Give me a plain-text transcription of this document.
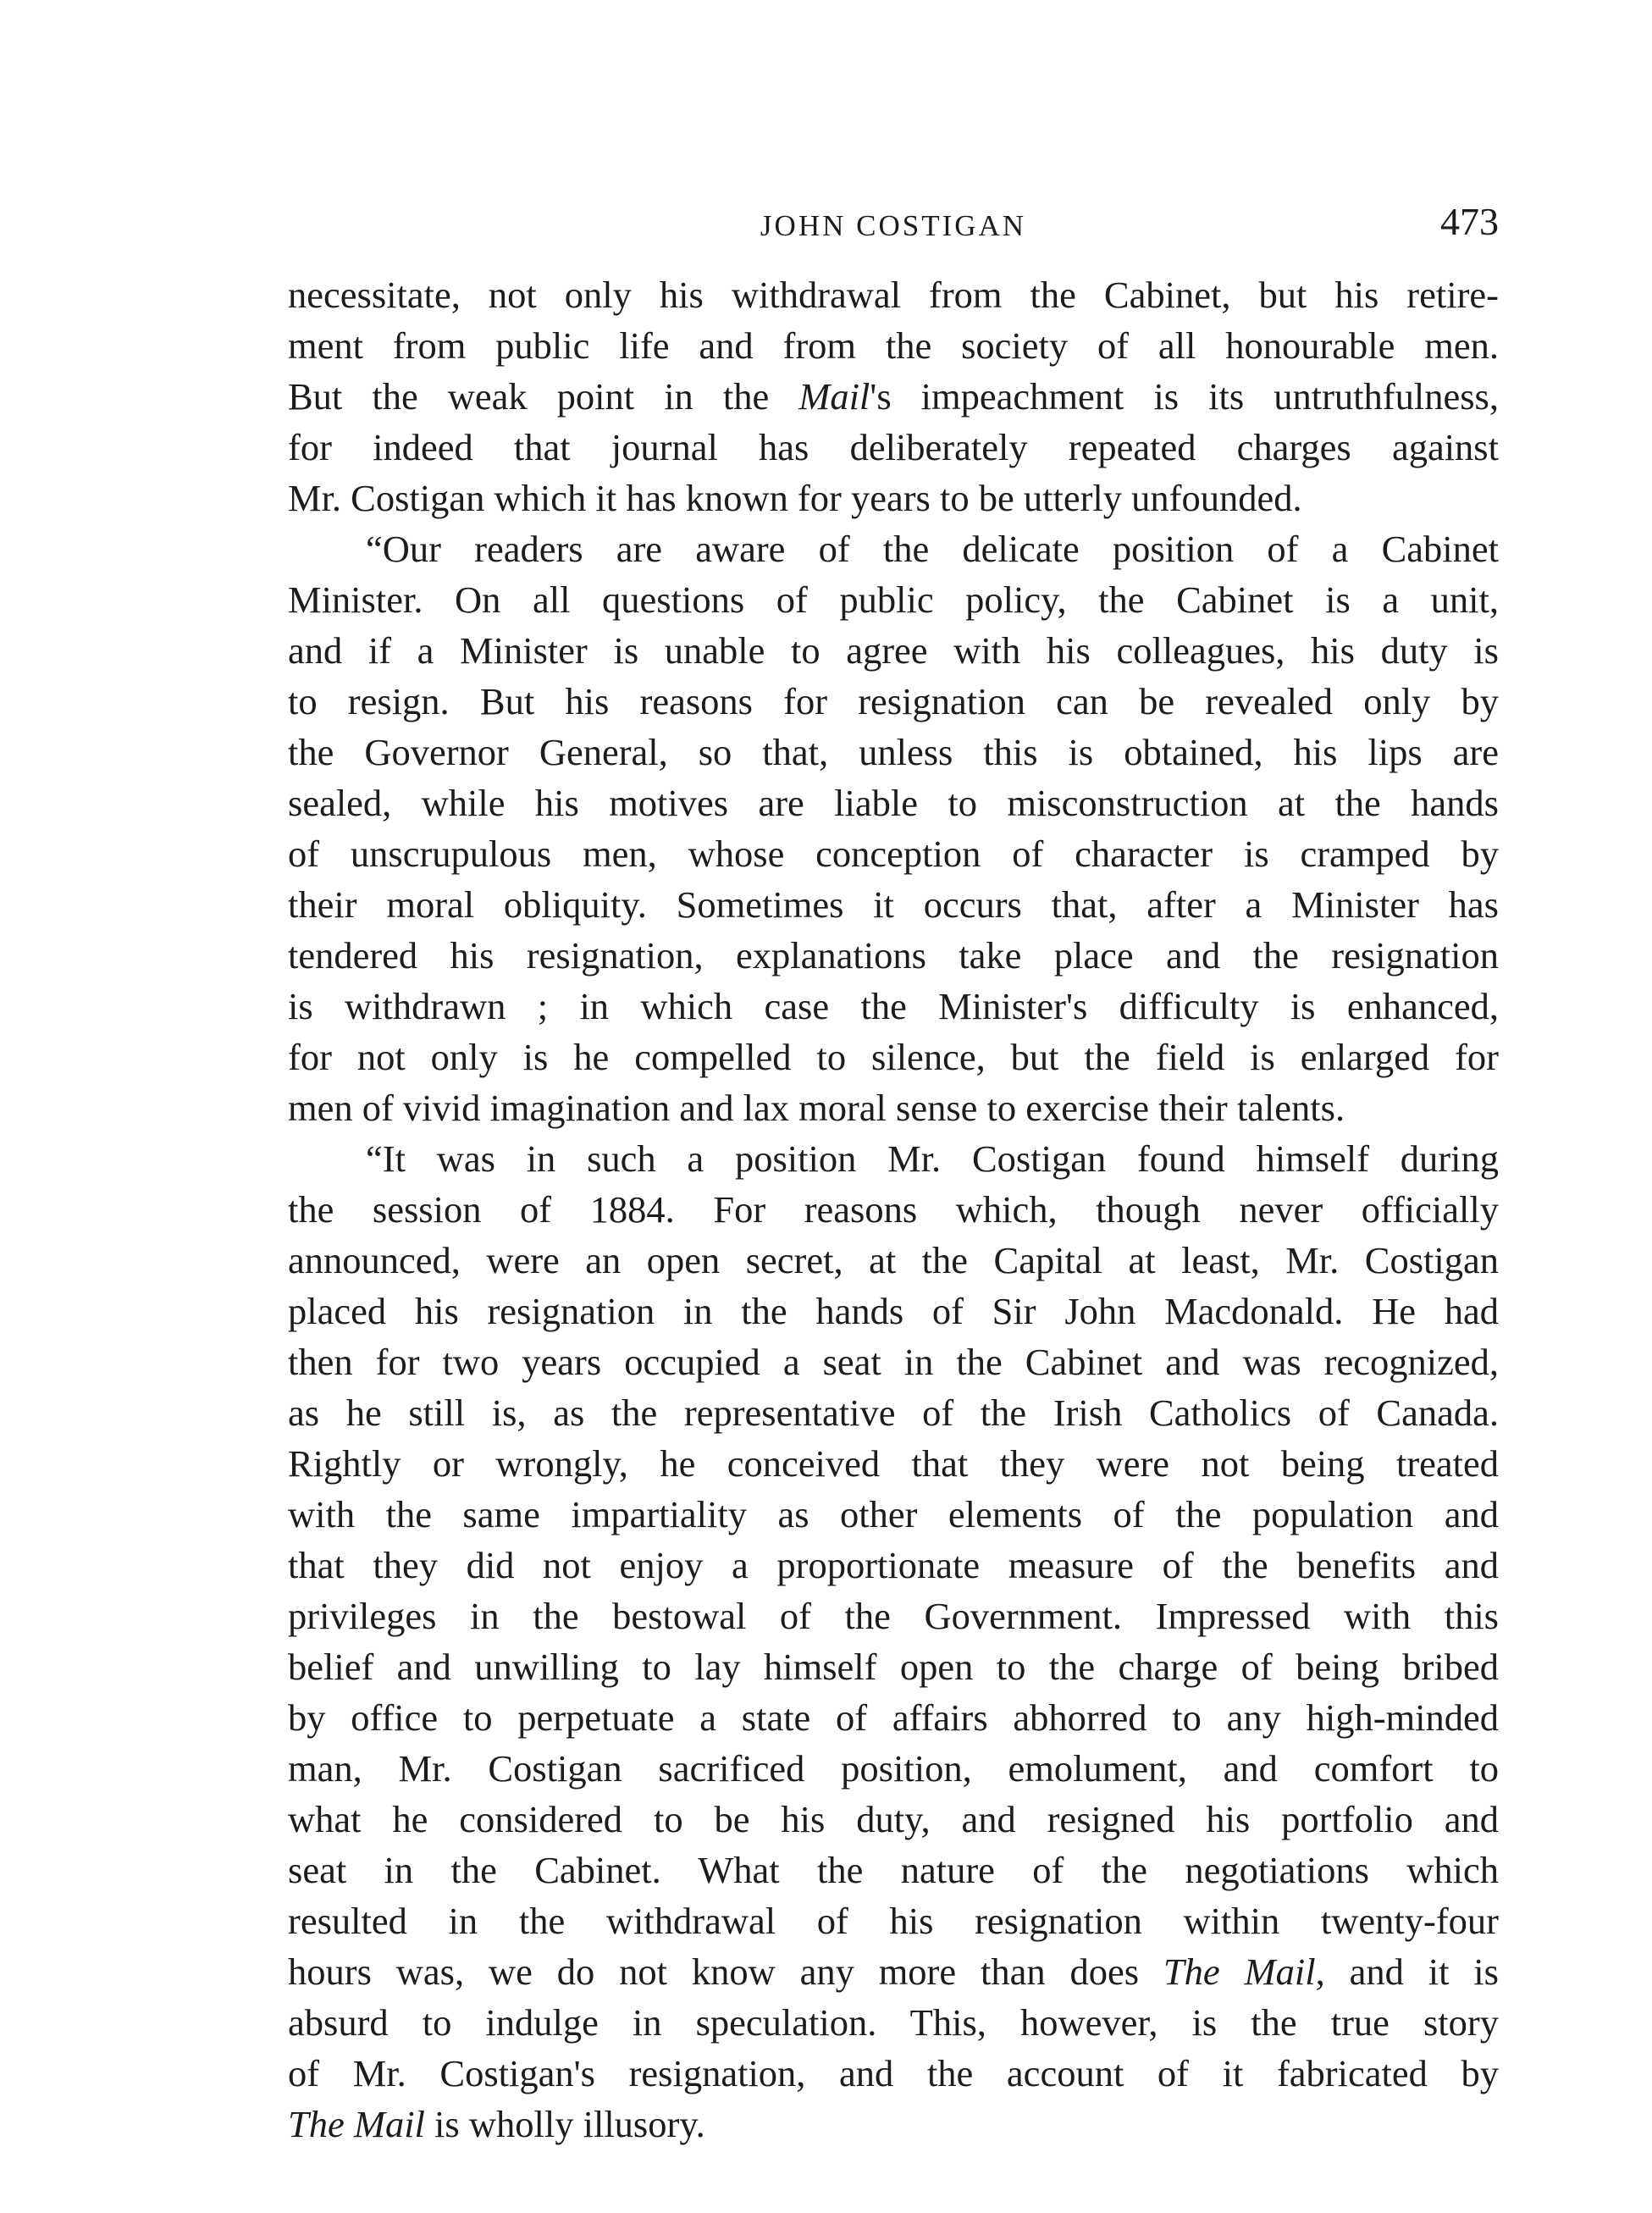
JOHN COSTIGAN	473
necessitate, not only his withdrawal from the Cabinet, but his retire-
ment from public life and from the society of all honourable men.
But the weak point in the Mail's impeachment is its untruthfulness,
for indeed that journal has deliberately repeated charges against
Mr. Costigan which it has known for years to be utterly unfounded.
“Our readers are aware of the delicate position of a Cabinet
Minister. On all questions of public policy, the Cabinet is a unit,
and if a Minister is unable to agree with his colleagues, his duty is
to resign. But his reasons for resignation can be revealed only by
the Governor General, so that, unless this is obtained, his lips are
sealed, while his motives are liable to misconstruction at the hands
of unscrupulous men, whose conception of character is cramped by
their moral obliquity. Sometimes it occurs that, after a Minister has
tendered his resignation, explanations take place and the resignation
is withdrawn ; in which case the Minister's difficulty is enhanced,
for not only is he compelled to silence, but the field is enlarged for
men of vivid imagination and lax moral sense to exercise their talents.
“It was in such a position Mr. Costigan found himself during
the session of 1884. For reasons which, though never officially
announced, were an open secret, at the Capital at least, Mr. Costigan
placed his resignation in the hands of Sir John Macdonald. He had
then for two years occupied a seat in the Cabinet and was recognized,
as he still is, as the representative of the Irish Catholics of Canada.
Rightly or wrongly, he conceived that they were not being treated
with the same impartiality as other elements of the population and
that they did not enjoy a proportionate measure of the benefits and
privileges in the bestowal of the Government. Impressed with this
belief and unwilling to lay himself open to the charge of being bribed
by office to perpetuate a state of affairs abhorred to any high-minded
man, Mr. Costigan sacrificed position, emolument, and comfort to
what he considered to be his duty, and resigned his portfolio and
seat in the Cabinet. What the nature of the negotiations which
resulted in the withdrawal of his resignation within twenty-four
hours was, we do not know any more than does The Mail, and it is
absurd to indulge in speculation. This, however, is the true story
of Mr. Costigan's resignation, and the account of it fabricated by
The Mail is wholly illusory.
